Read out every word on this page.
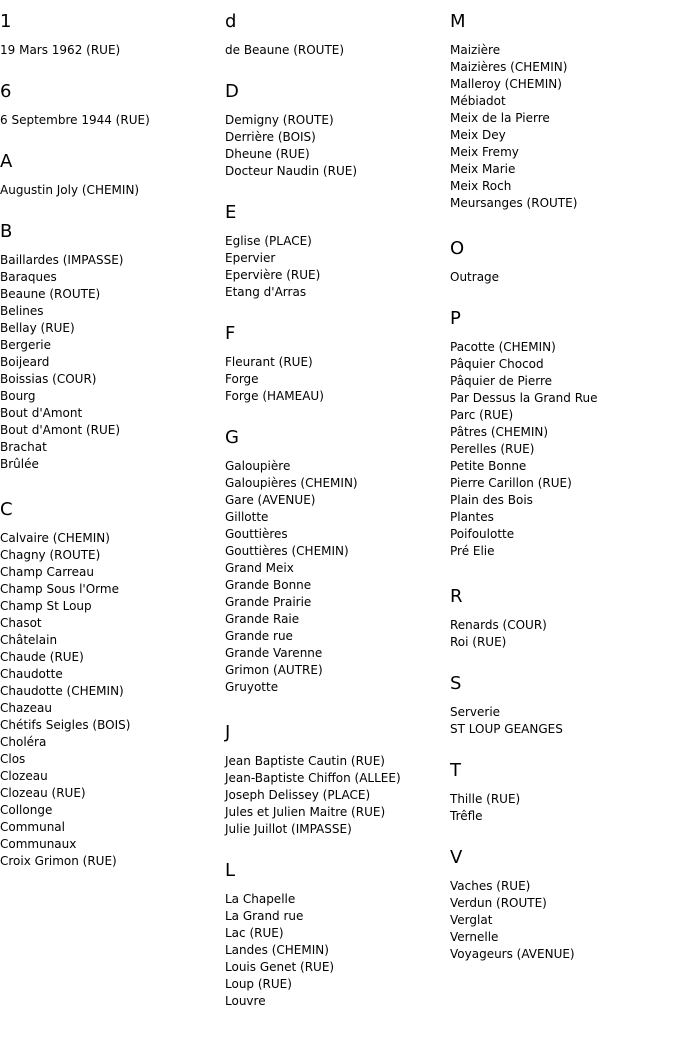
1
19 Mars 1962 (RUE)
6
6 Septembre 1944 (RUE)
A
Augustin Joly (CHEMIN)
B
Baillardes (IMPASSE)
Baraques
Beaune (ROUTE)
Belines
Bellay (RUE)
Bergerie
Boijeard
Boissias (COUR)
Bourg
Bout d'Amont
Bout d'Amont (RUE)
Brachat
Brûlée
C
Calvaire (CHEMIN)
Chagny (ROUTE)
Champ Carreau
Champ Sous l'Orme
Champ St Loup
Chasot
Châtelain
Chaude (RUE)
Chaudotte
Chaudotte (CHEMIN)
Chazeau
Chétifs Seigles (BOIS)
Choléra
Clos
Clozeau
Clozeau (RUE)
Collonge
Communal
Communaux
Croix Grimon (RUE)
d
de Beaune (ROUTE)
D
Demigny (ROUTE)
Derrière (BOIS)
Dheune (RUE)
Docteur Naudin (RUE)
E
Eglise (PLACE)
Epervier
Epervière (RUE)
Etang d'Arras
F
Fleurant (RUE)
Forge
Forge (HAMEAU)
G
Galoupière
Galoupières (CHEMIN)
Gare (AVENUE)
Gillotte
Gouttières
Gouttières (CHEMIN)
Grand Meix
Grande Bonne
Grande Prairie
Grande Raie
Grande rue
Grande Varenne
Grimon (AUTRE)
Gruyotte
J
Jean Baptiste Cautin (RUE)
Jean-Baptiste Chiffon (ALLEE)
Joseph Delissey (PLACE)
Jules et Julien Maitre (RUE)
Julie Juillot (IMPASSE)
L
La Chapelle
La Grand rue
Lac (RUE)
Landes (CHEMIN)
Louis Genet (RUE)
Loup (RUE)
Louvre
M
Maizière
Maizières (CHEMIN)
Malleroy (CHEMIN)
Mébiadot
Meix de la Pierre
Meix Dey
Meix Fremy
Meix Marie
Meix Roch
Meursanges (ROUTE)
O
Outrage
P
Pacotte (CHEMIN)
Pâquier Chocod
Pâquier de Pierre
Par Dessus la Grand Rue
Parc (RUE)
Pâtres (CHEMIN)
Perelles (RUE)
Petite Bonne
Pierre Carillon (RUE)
Plain des Bois
Plantes
Poifoulotte
Pré Elie
R
Renards (COUR)
Roi (RUE)
S
Serverie
ST LOUP GEANGES
T
Thille (RUE)
Trêfle
V
Vaches (RUE)
Verdun (ROUTE)
Verglat
Vernelle
Voyageurs (AVENUE)
